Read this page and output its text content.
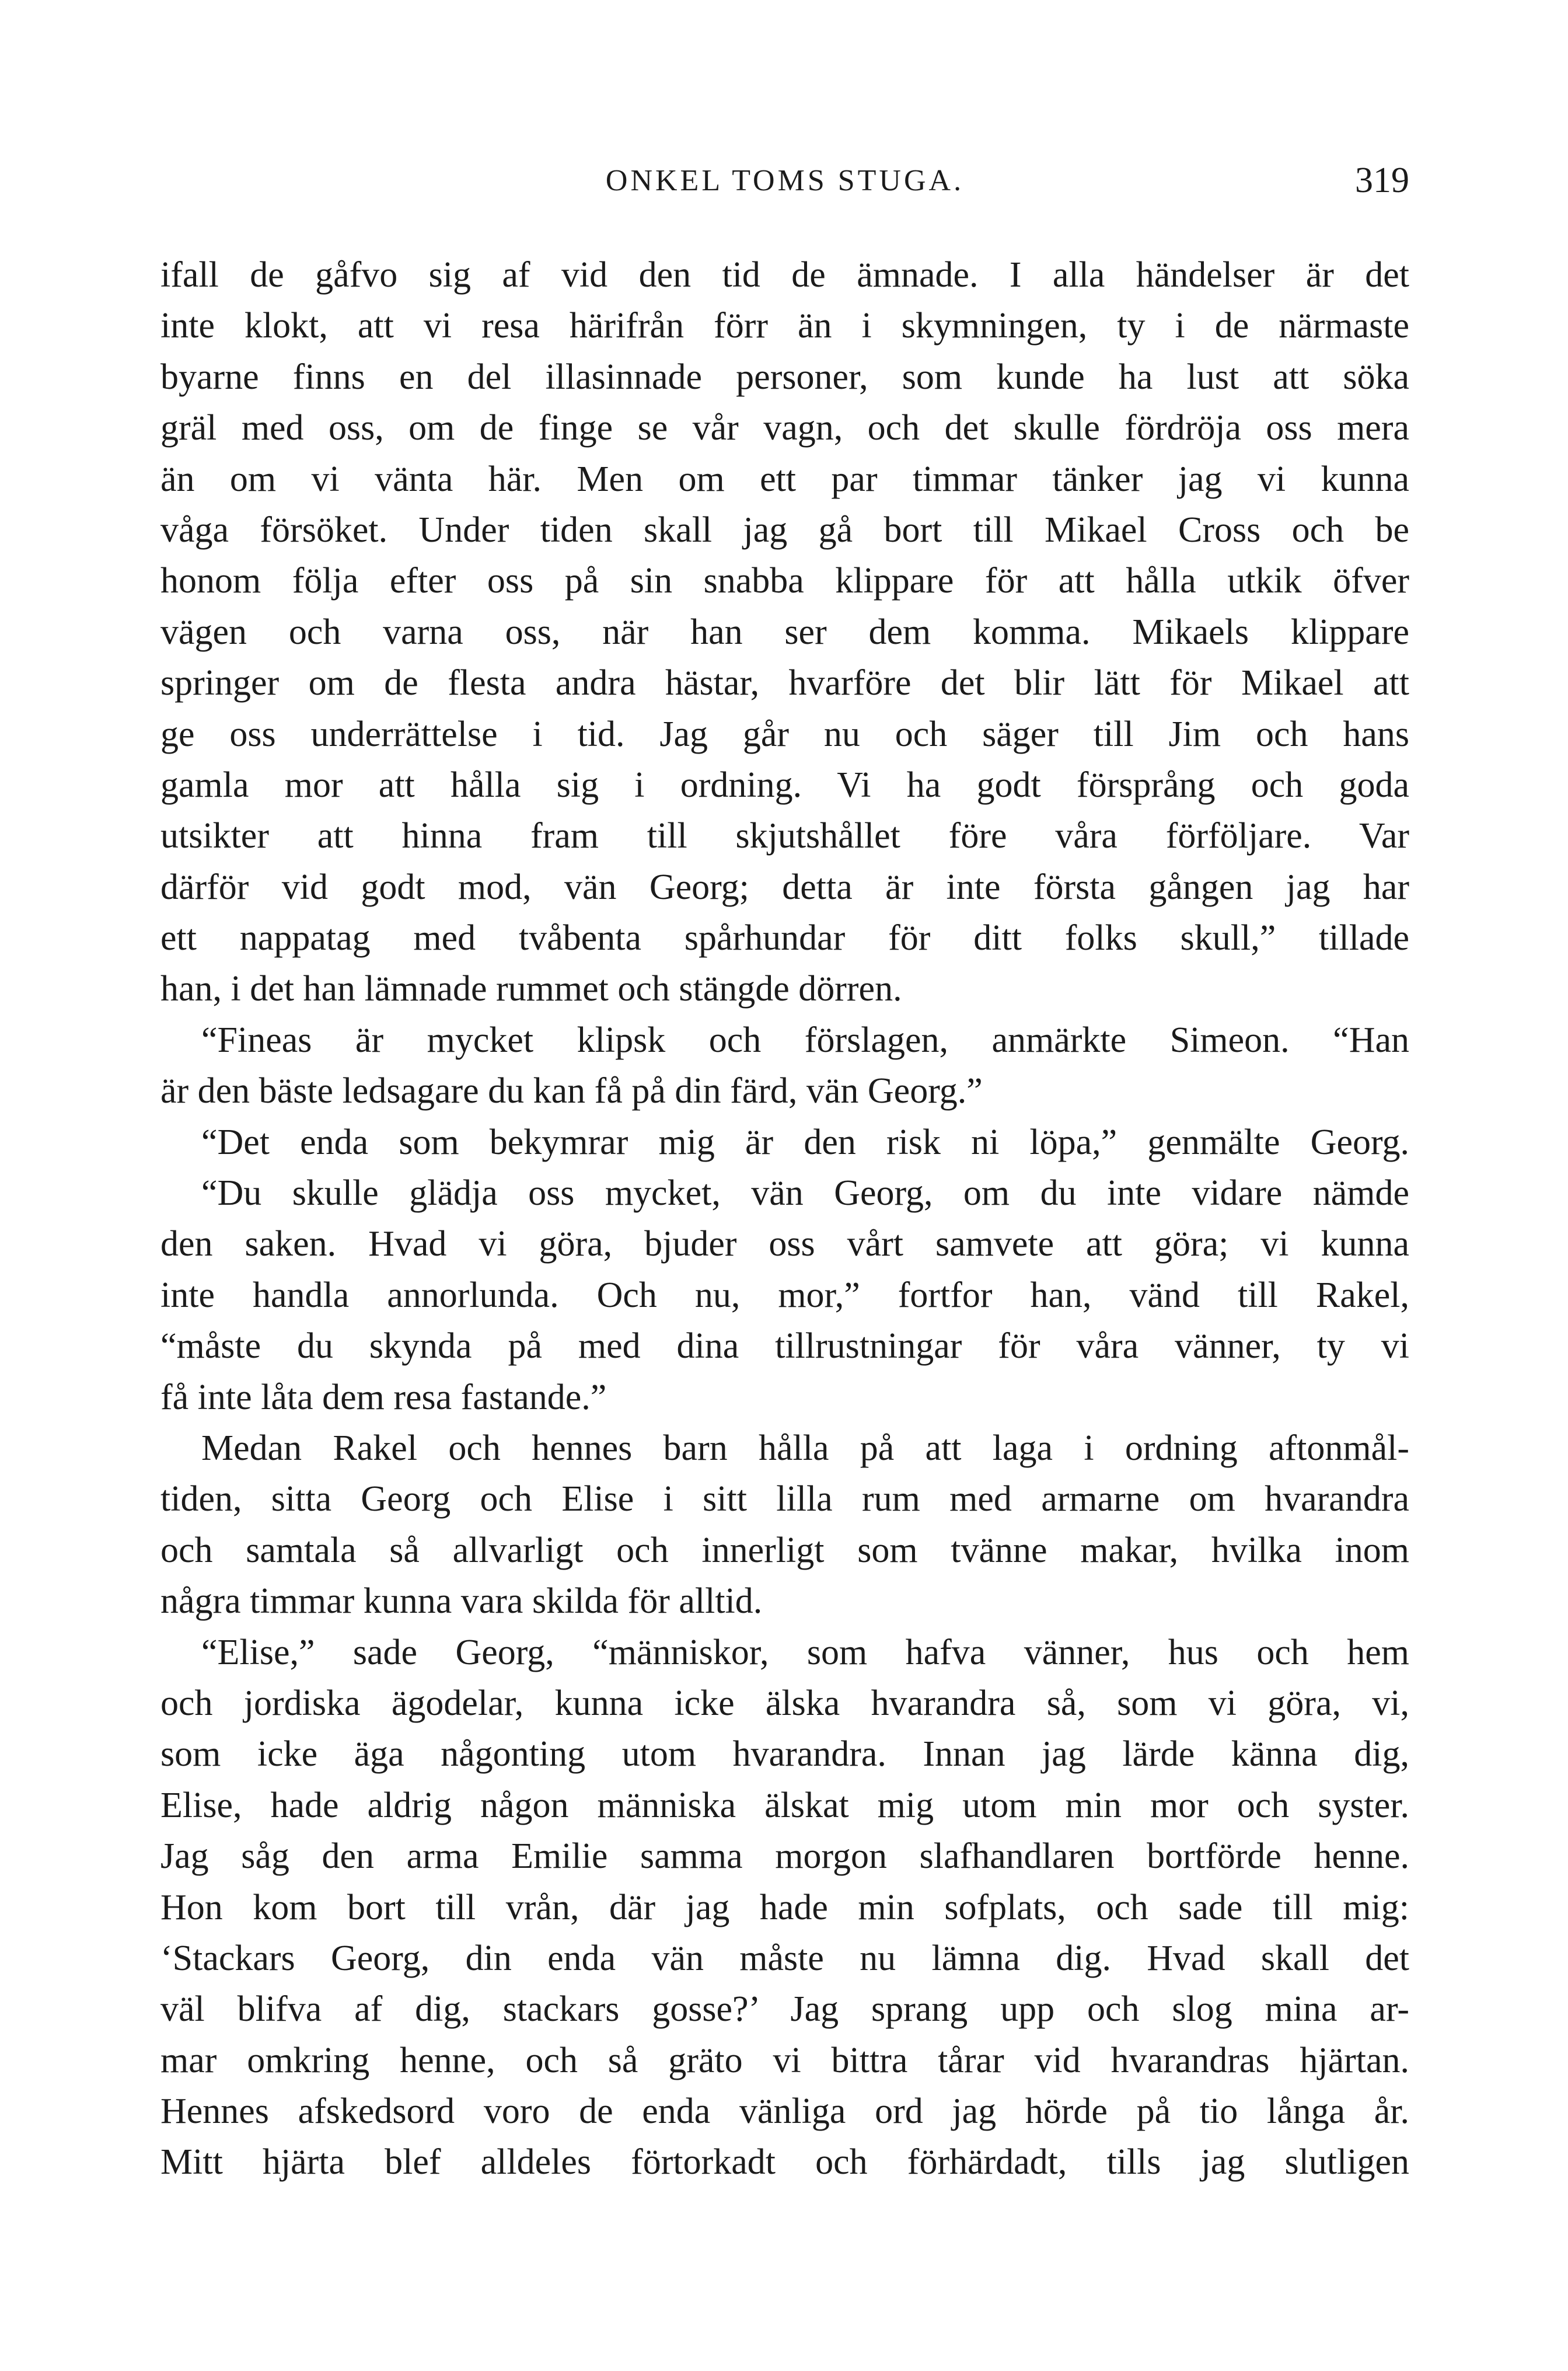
ONKEL TOMS STUGA.	319
ifall de gåfvo sig af vid den tid de ämnade. I alla händelser är det
inte klokt, att vi resa härifrån förr än i skymningen, ty i de närmaste
byarne finns en del illasinnade personer, som kunde ha lust att söka
gräl med oss, om de finge se vår vagn, och det skulle fördröja oss mera
än om vi vänta här. Men om ett par timmar tänker jag vi kunna
våga försöket. Under tiden skall jag gå bort till Mikael Cross och be
honom följa efter oss på sin snabba klippare för att hålla utkik öfver
vägen och varna oss, när han ser dem komma. Mikaels klippare
springer om de flesta andra hästar, hvarföre det blir lätt för Mikael att
ge oss underrättelse i tid. Jag går nu och säger till Jim och hans
gamla mor att hålla sig i ordning. Vi ha godt försprång och goda
utsikter att hinna fram till skjutshållet före våra förföljare. Var
därför vid godt mod, vän Georg; detta är inte första gången jag har
ett nappatag med tvåbenta spårhundar för ditt folks skull,” tillade
han, i det han lämnade rummet och stängde dörren.
“Fineas är mycket klipsk och förslagen, anmärkte Simeon. “Han
är den bäste ledsagare du kan få på din färd, vän Georg.”
“Det enda som bekymrar mig är den risk ni löpa,” genmälte Georg.
“Du skulle glädja oss mycket, vän Georg, om du inte vidare nämde
den saken. Hvad vi göra, bjuder oss vårt samvete att göra; vi kunna
inte handla annorlunda. Och nu, mor,” fortfor han, vänd till Rakel,
“måste du skynda på med dina tillrustningar för våra vänner, ty vi
få inte låta dem resa fastande.”
Medan Rakel och hennes barn hålla på att laga i ordning aftonmål-
tiden, sitta Georg och Elise i sitt lilla rum med armarne om hvarandra
och samtala så allvarligt och innerligt som tvänne makar, hvilka inom
några timmar kunna vara skilda för alltid.
“Elise,” sade Georg, “människor, som hafva vänner, hus och hem
och jordiska ägodelar, kunna icke älska hvarandra så, som vi göra, vi,
som icke äga någonting utom hvarandra. Innan jag lärde känna dig,
Elise, hade aldrig någon människa älskat mig utom min mor och syster.
Jag såg den arma Emilie samma morgon slafhandlaren bortförde henne.
Hon kom bort till vrån, där jag hade min sofplats, och sade till mig:
‘Stackars Georg, din enda vän måste nu lämna dig. Hvad skall det
väl blifva af dig, stackars gosse?’ Jag sprang upp och slog mina ar-
mar omkring henne, och så gräto vi bittra tårar vid hvarandras hjärtan.
Hennes afskedsord voro de enda vänliga ord jag hörde på tio långa år.
Mitt hjärta blef alldeles förtorkadt och förhärdadt, tills jag slutligen
